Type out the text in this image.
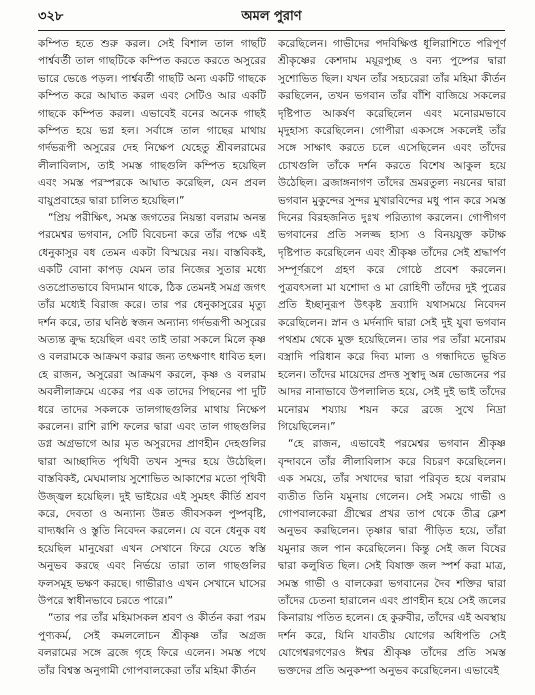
৩২৮	অমল পুরাণ

কম্পিত হতে শুরু করল। সেই বিশাল তাল গাছটি পার্শ্ববর্তী তাল গাছটিকে কম্পিত করতে করতে অসুরের ভারে ভেঙে পড়ল। পার্শ্ববর্তী গাছটি অন্য একটি গাছকে কম্পিত করে আঘাত করল এবং সেটিও আর একটি গাছকে কম্পিত করল। এভাবেই বনের অনেক গাছই কম্পিত হয়ে ভগ্ন হল। সর্বাঙ্গে তাল গাছের মাথায় গর্দভরূপী অসুরের দেহ নিক্ষেপ যেহেতু শ্রীবলরামের লীলাবিলাস, তাই সমস্ত গাছগুলি কম্পিত হয়েছিল এবং সমস্ত পরস্পরকে আঘাত করেছিল, যেন প্রবল বায়ুপ্রবাহের দ্বারা চালিত হয়েছিল।”

“প্রিয় পরীক্ষিৎ, সমস্ত জগতের নিয়ন্তা বলরাম অনন্ত পরমেশ্বর ভগবান, সেটি বিবেচনা করে তাঁর পক্ষে এই ধেনুকাসুর বধ তেমন একটা বিস্ময়ের নয়। বাস্তবিকই, একটি বোনা কাপড় যেমন তার নিজের সুতার মধ্যে ওতপ্রোতভাবে বিদ্যমান থাকে, ঠিক তেমনই সমগ্র জগৎ তাঁর মধ্যেই বিরাজ করে। তার পর ধেনুকাসুরের মৃত্যু দর্শন করে, তার ঘনিষ্ঠ স্বজন অন্যান্য গর্দভরূপী অসুরের অত্যন্ত ক্রুদ্ধ হয়েছিল এবং তাই তারা সকলে মিলে কৃষ্ণ ও বলরামকে আক্রমণ করার জন্য তৎক্ষণাৎ ধাবিত হল। হে রাজন, অসুরেরা আক্রমণ করলে, কৃষ্ণ ও বলরাম অবলীলাক্রমে একের পর এক তাদের পিছনের পা দুটি ধরে তাদের সকলকে তালগাছগুলির মাথায় নিক্ষেপ করলেন। রাশি রাশি ফলের দ্বারা এবং তাল গাছগুলির ডগ্ন অগ্রভাগে আর মৃত অসুরদের প্রাণহীন দেহগুলির দ্বারা আচ্ছাদিত পৃথিবী তখন সুন্দর হয়ে উঠেছিল। বাস্তবিকই, মেঘমালায় সুশোভিত আকাশের মতো পৃথিবী উজ্জ্বল হয়েছিল। দুই ভাইয়ের এই সুমহৎ কীর্তি শ্রবণ করে, দেবতা ও অন্যান্য উন্নত জীবসকল পুষ্পবৃষ্টি, বাদ্যধ্বনি ও স্তুতি নিবেদন করলেন। যে বনে ধেনুক বধ হয়েছিল মানুষেরা এখন সেখানে ফিরে যেতে স্বস্তি অনুভব করছে এবং নির্ভয়ে তারা তাল গাছগুলির ফলসমূহ ভক্ষণ করছে। গাভীরাও এখন সেখানে ঘাসের উপরে স্বাধীনভাবে চরতে পারে।”

“তার পর তাঁর মহিমাসকল শ্রবণ ও কীর্তন করা পরম পুণ্যকর্ম, সেই কমললোচন শ্রীকৃষ্ণ তাঁর অগ্রজ বলরামের সঙ্গে ব্রজে গৃহে ফিরে এলেন। সমস্ত পথে তাঁর বিশ্বস্ত অনুগামী গোপবালকেরা তাঁর মহিমা কীর্তন

করেছিলেন। গাভীদের পদবিক্ষিপ্ত ধূলিরাশিতে পরিপূর্ণ শ্রীকৃষ্ণের কেশদাম ময়ূরপুচ্ছ ও বন্য পুষ্পের দ্বারা সুশোভিত ছিল। যখন তাঁর সহচরেরা তাঁর মহিমা কীর্তন করছিলেন, তখন ভগবান তাঁর বাঁশি বাজিয়ে সকলের দৃষ্টিপাত আকর্ষণ করেছিলেন এবং মনোরমভাবে মৃদুহাস্য করেছিলেন। গোপীরা একসঙ্গে সকলেই তাঁর সঙ্গে সাক্ষাৎ করতে চলে এসেছিলেন এবং তাঁদের চোখগুলি তাঁকে দর্শন করতে বিশেষ আকুল হয়ে উঠেছিল। ব্রজাঙ্গনাগণ তাঁদের ভ্রমরতুল্য নয়নের দ্বারা ভগবান মুকুন্দের সুন্দর মুখারবিন্দের মধু পান করে সমস্ত দিনের বিরহজনিত দুঃখ পরিত্যাগ করলেন। গোপীগণ ভগবানের প্রতি সলজ্জ হাস্য ও বিনয়যুক্ত কটাক্ষ দৃষ্টিপাত করেছিলেন এবং শ্রীকৃষ্ণ তাঁদের সেই শ্রদ্ধার্পণ সম্পূর্ণরূপে গ্রহণ করে গোষ্ঠে প্রবেশ করলেন। পুত্রবৎসলা মা যশোদা ও মা রোহিণী তাঁদের দুই পুত্রের প্রতি ইচ্ছানুরূপ উৎকৃষ্ট দ্রব্যাদি যথাসময়ে নিবেদন করেছিলেন। স্নান ও মর্দনাদি দ্বারা সেই দুই যুবা ভগবান পথশ্রম থেকে মুক্ত হয়েছিলেন। তার পর তাঁরা মনোরম বস্ত্রাদি পরিধান করে দিব্য মাল্য ও গন্ধাদিতে ভূষিত হলেন। তাঁদের মায়েদের প্রদত্ত সুস্বাদু অন্ন ভোজনের পর আদর নানাভাবে উপলালিত হয়ে, সেই দুই ভাই তাঁদের মনোরম শয্যায় শয়ন করে ব্রজে সুখে নিদ্রা গিয়েছিলেন।”

“হে রাজন, এভাবেই পরমেশ্বর ভগবান শ্রীকৃষ্ণ বৃন্দাবনে তাঁর লীলাবিলাস করে বিচরণ করেছিলেন। এক সময়ে, তাঁর সখাদের দ্বারা পরিবৃত হয়ে বলরাম ব্যতীত তিনি যমুনায় গেলেন। সেই সময়ে গাভী ও গোপবালকেরা গ্রীষ্মের প্রখর তাপ থেকে তীব্র ক্লেশ অনুভব করছিলেন। তৃষ্ণার দ্বারা পীড়িত হয়ে, তাঁরা যমুনার জল পান করেছিলেন। কিন্তু সেই জল বিষের দ্বারা কলুষিত ছিল। সেই বিষাক্ত জল স্পর্শ করা মাত্র, সমস্ত গাভী ও বালকেরা ভগবানের দৈব শক্তির দ্বারা তাঁদের চেতনা হারালেন এবং প্রাণহীন হয়ে সেই জলের কিনারায় পতিত হলেন। হে কুরুবীর, তাঁদের এই অবস্থায় দর্শন করে, যিনি যাবতীয় যোগের অধিপতি সেই যোগেশ্বরগণেরও ঈশ্বর শ্রীকৃষ্ণ তাঁদের প্রতি সমস্ত ভক্তদের প্রতি অনুকম্পা অনুভব করেছিলেন। এভাবেই
